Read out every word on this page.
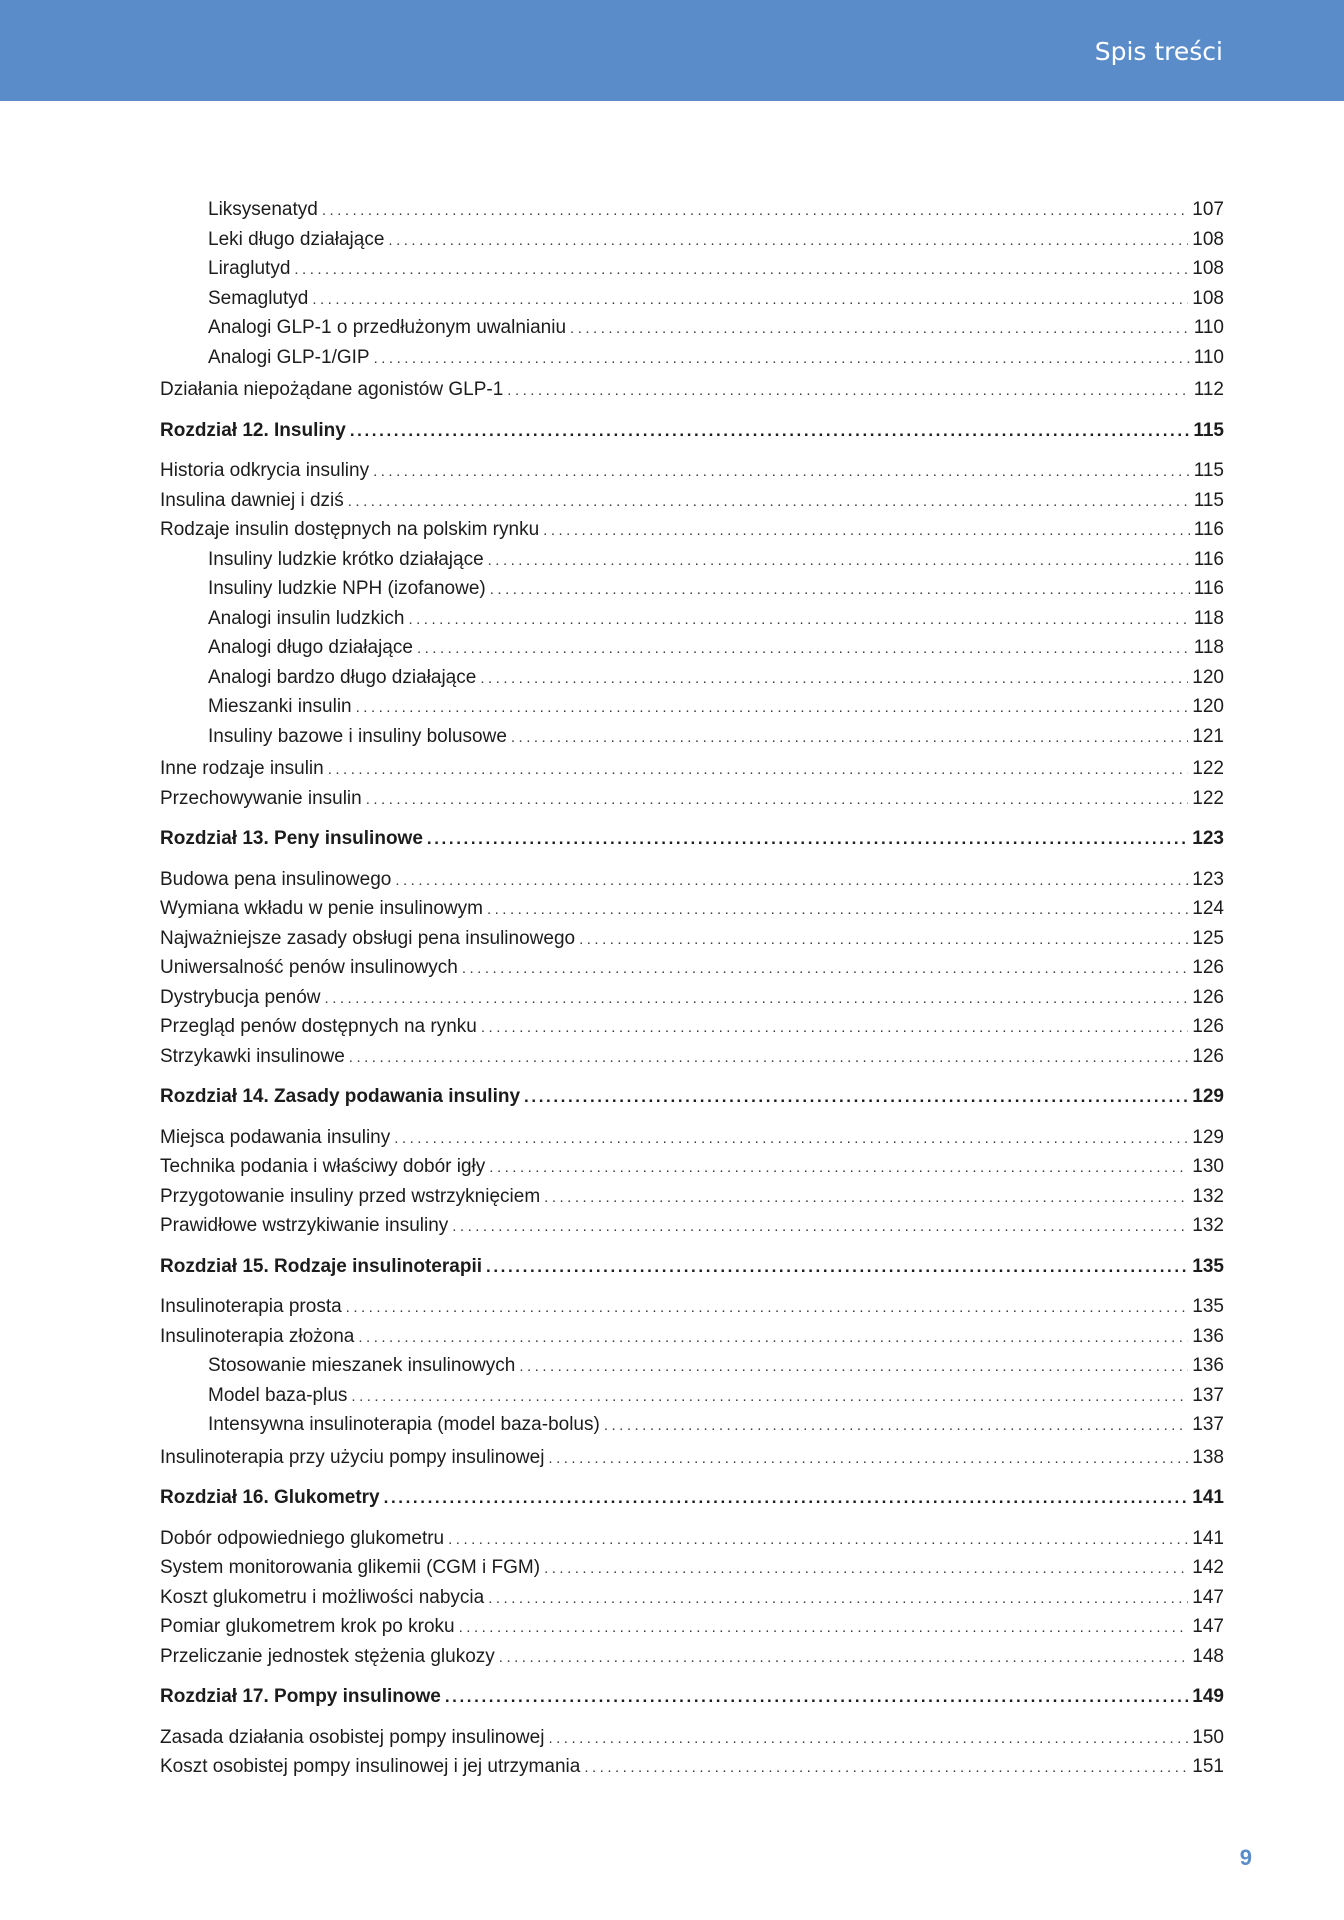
Spis treści
Liksysenatyd .....	107
Leki długo działające .....	108
Liraglutyd .....	108
Semaglutyd .....	108
Analogi GLP-1 o przedłużonym uwalnianiu .....	110
Analogi GLP-1/GIP .....	110
Działania niepożądane agonistów GLP-1 .....	112
Rozdział 12. Insuliny .....	115
Historia odkrycia insuliny .....	115
Insulina dawniej i dziś .....	115
Rodzaje insulin dostępnych na polskim rynku .....	116
Insuliny ludzkie krótko działające .....	116
Insuliny ludzkie NPH (izofanowe) .....	116
Analogi insulin ludzkich .....	118
Analogi długo działające .....	118
Analogi bardzo długo działające .....	120
Mieszanki insulin .....	120
Insuliny bazowe i insuliny bolusowe .....	121
Inne rodzaje insulin .....	122
Przechowywanie insulin .....	122
Rozdział 13. Peny insulinowe .....	123
Budowa pena insulinowego .....	123
Wymiana wkładu w penie insulinowym .....	124
Najważniejsze zasady obsługi pena insulinowego .....	125
Uniwersalność penów insulinowych .....	126
Dystrybucja penów .....	126
Przegląd penów dostępnych na rynku .....	126
Strzykawki insulinowe .....	126
Rozdział 14. Zasady podawania insuliny .....	129
Miejsca podawania insuliny .....	129
Technika podania i właściwy dobór igły .....	130
Przygotowanie insuliny przed wstrzyknięciem .....	132
Prawidłowe wstrzykiwanie insuliny .....	132
Rozdział 15. Rodzaje insulinoterapii .....	135
Insulinoterapia prosta .....	135
Insulinoterapia złożona .....	136
Stosowanie mieszanek insulinowych .....	136
Model baza-plus .....	137
Intensywna insulinoterapia (model baza-bolus) .....	137
Insulinoterapia przy użyciu pompy insulinowej .....	138
Rozdział 16. Glukometry .....	141
Dobór odpowiedniego glukometru .....	141
System monitorowania glikemii (CGM i FGM) .....	142
Koszt glukometru i możliwości nabycia .....	147
Pomiar glukometrem krok po kroku .....	147
Przeliczanie jednostek stężenia glukozy .....	148
Rozdział 17. Pompy insulinowe .....	149
Zasada działania osobistej pompy insulinowej .....	150
Koszt osobistej pompy insulinowej i jej utrzymania .....	151
9
